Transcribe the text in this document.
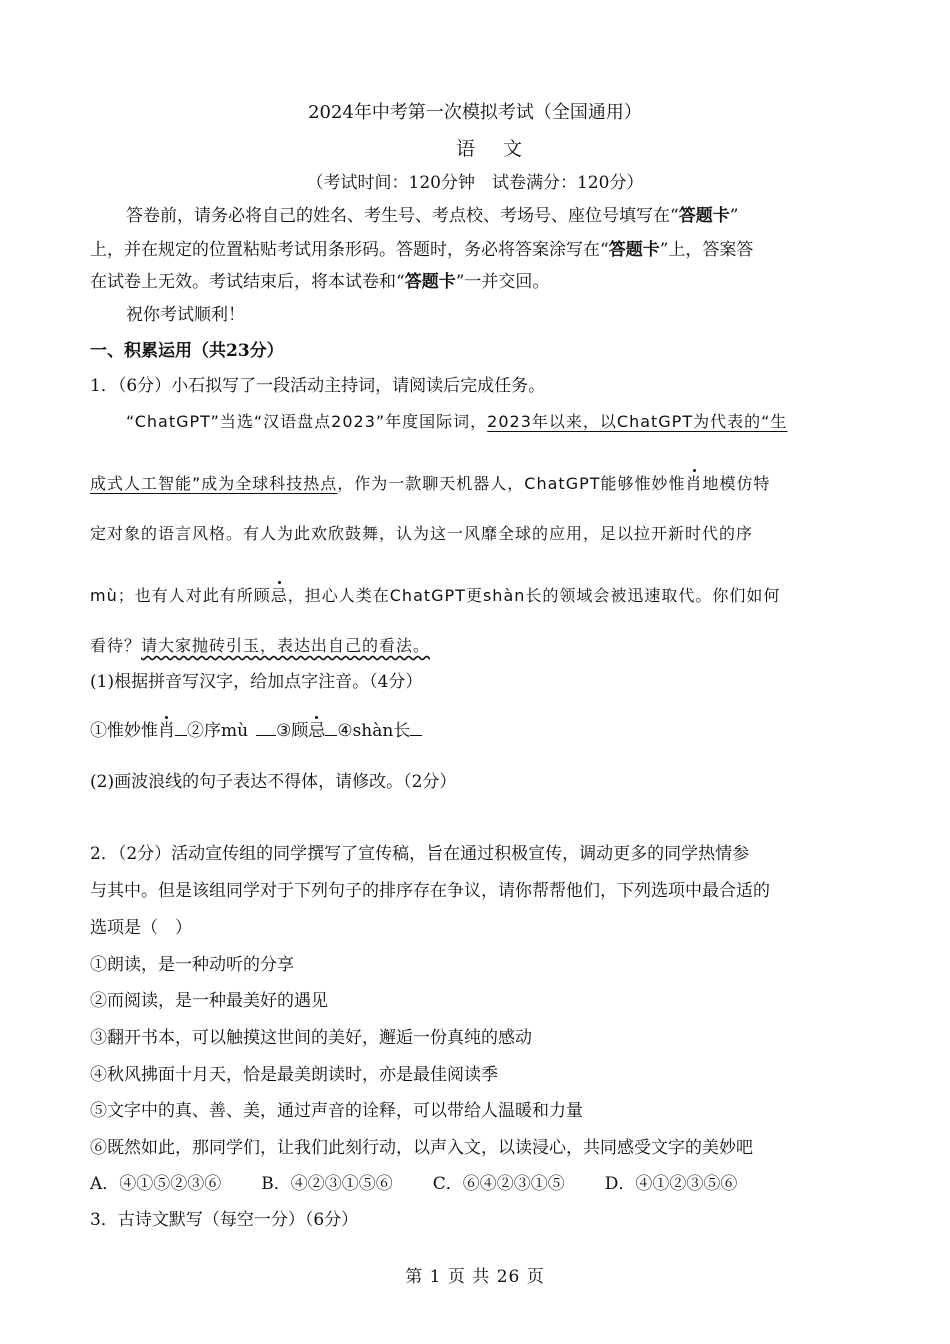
2024年中考第一次模拟考试（全国通用）
语文
（考试时间：120分钟　试卷满分：120分）
答卷前，请务必将自己的姓名、考生号、考点校、考场号、座位号填写在“答题卡”
上，并在规定的位置粘贴考试用条形码。答题时，务必将答案涂写在“答题卡”上，答案答
在试卷上无效。考试结束后，将本试卷和“答题卡”一并交回。
祝你考试顺利！
一、积累运用（共23分）
1．（6分）小石拟写了一段活动主持词，请阅读后完成任务。
“ChatGPT”当选“汉语盘点2023”年度国际词，2023年以来，以ChatGPT为代表的“生
成式人工智能”成为全球科技热点，作为一款聊天机器人，ChatGPT能够惟妙惟肖地模仿特
定对象的语言风格。有人为此欢欣鼓舞，认为这一风靡全球的应用，足以拉开新时代的序
mù；也有人对此有所顾忌，担心人类在ChatGPT更shàn长的领域会被迅速取代。你们如何
看待？请大家抛砖引玉，表达出自己的看法。
(1)根据拼音写汉字，给加点字注音。（4分）
①惟妙惟肖 ②序mù ③顾忌 ④shàn长
(2)画波浪线的句子表达不得体，请修改。（2分）
2．（2分）活动宣传组的同学撰写了宣传稿，旨在通过积极宣传，调动更多的同学热情参
与其中。但是该组同学对于下列句子的排序存在争议，请你帮帮他们，下列选项中最合适的
选项是（　）
①朗读，是一种动听的分享
②而阅读，是一种最美好的遇见
③翻开书本，可以触摸这世间的美好，邂逅一份真纯的感动
④秋风拂面十月天，恰是最美朗读时，亦是最佳阅读季
⑤文字中的真、善、美，通过声音的诠释，可以带给人温暖和力量
⑥既然如此，那同学们，让我们此刻行动，以声入文，以读浸心，共同感受文字的美妙吧
A．④①⑤②③⑥ B．④②③①⑤⑥ C．⑥④②③①⑤ D．④①②③⑤⑥
3．古诗文默写（每空一分）（6分）
第 1 页 共 26 页
